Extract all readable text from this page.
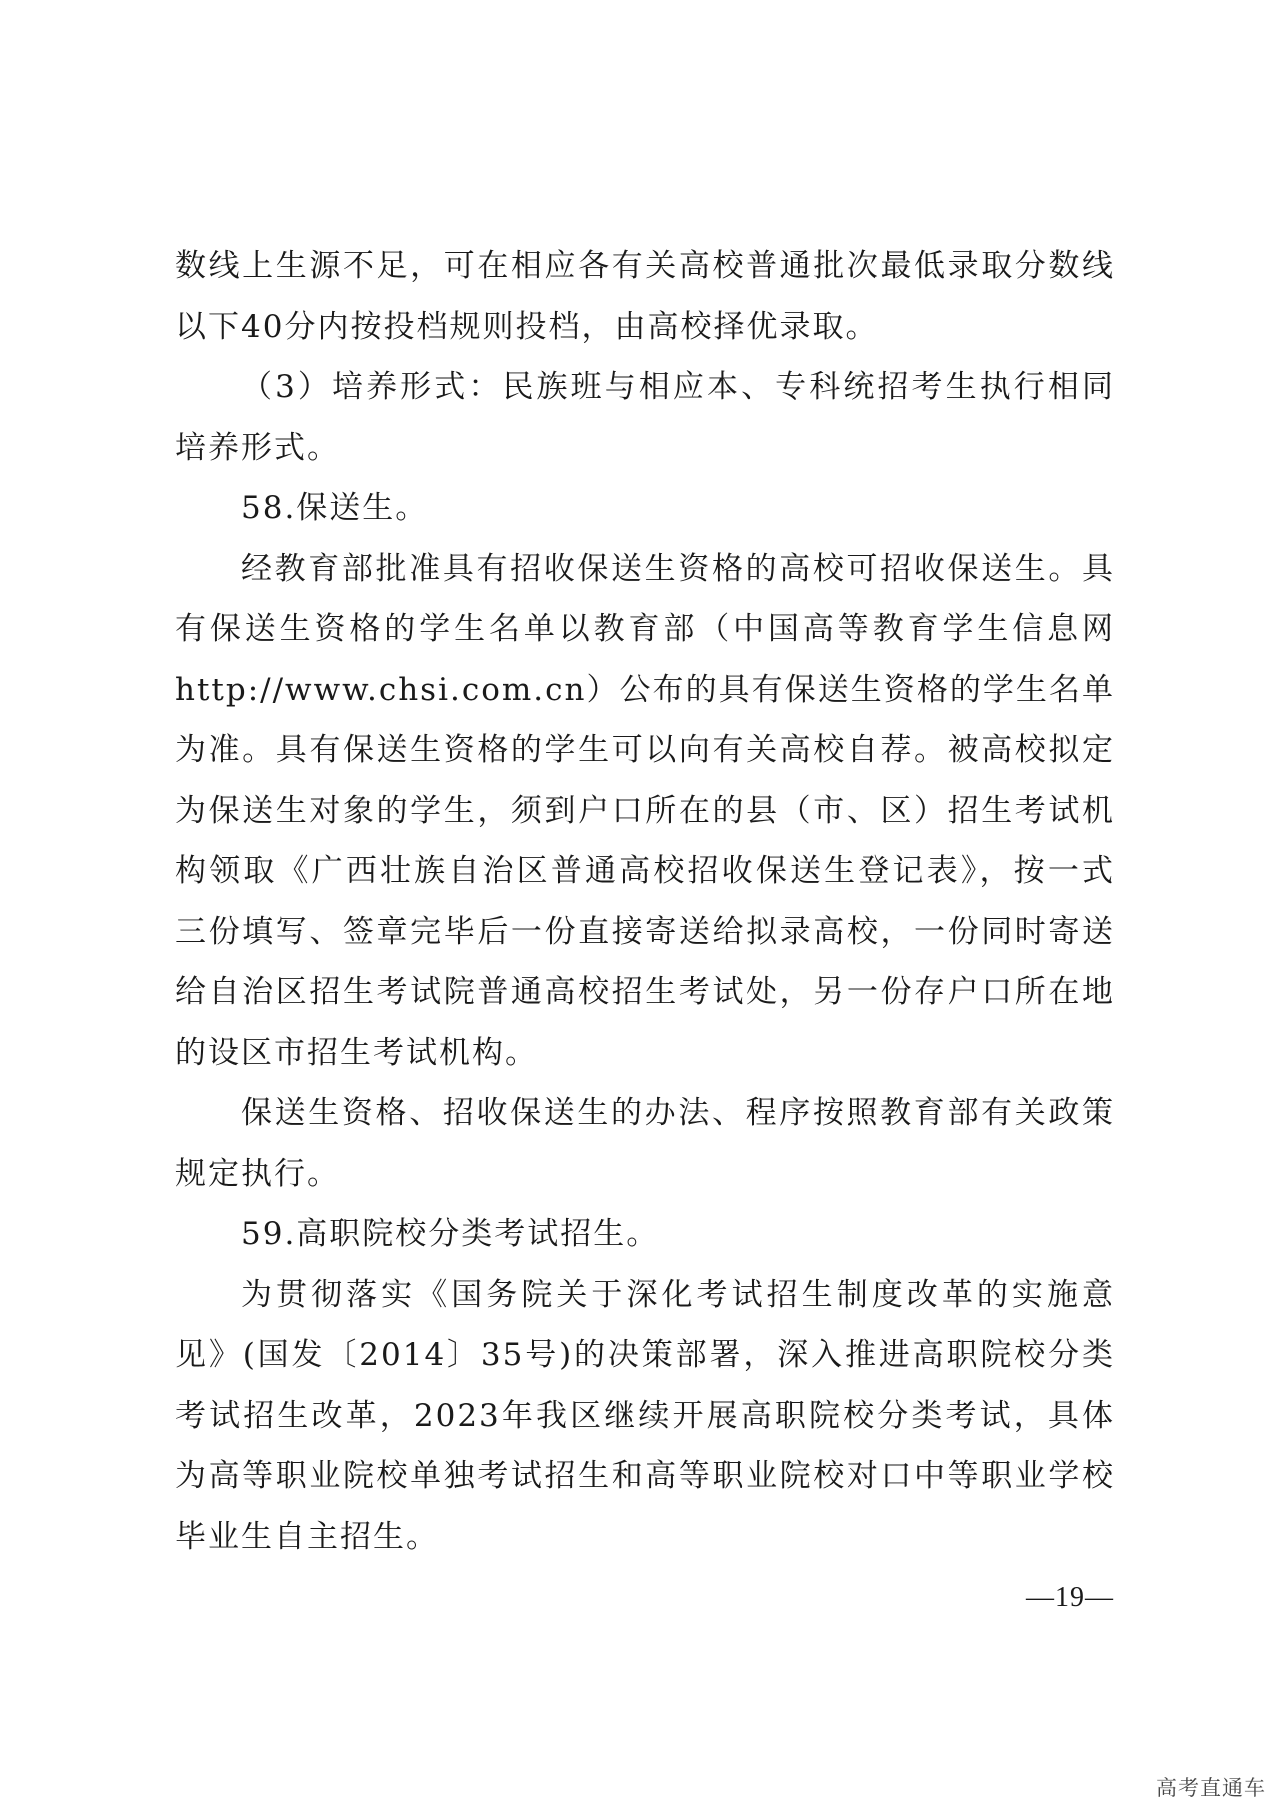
数线上生源不足，可在相应各有关高校普通批次最低录取分数线以下40分内按投档规则投档，由高校择优录取。

（3）培养形式：民族班与相应本、专科统招考生执行相同培养形式。

58.保送生。

经教育部批准具有招收保送生资格的高校可招收保送生。具有保送生资格的学生名单以教育部（中国高等教育学生信息网 http://www.chsi.com.cn）公布的具有保送生资格的学生名单为准。具有保送生资格的学生可以向有关高校自荐。被高校拟定为保送生对象的学生，须到户口所在的县（市、区）招生考试机构领取《广西壮族自治区普通高校招收保送生登记表》，按一式三份填写、签章完毕后一份直接寄送给拟录高校，一份同时寄送给自治区招生考试院普通高校招生考试处，另一份存户口所在地的设区市招生考试机构。

保送生资格、招收保送生的办法、程序按照教育部有关政策规定执行。

59.高职院校分类考试招生。

为贯彻落实《国务院关于深化考试招生制度改革的实施意见》(国发〔2014〕35号)的决策部署，深入推进高职院校分类考试招生改革，2023年我区继续开展高职院校分类考试，具体为高等职业院校单独考试招生和高等职业院校对口中等职业学校毕业生自主招生。

—19—
高考直通车
